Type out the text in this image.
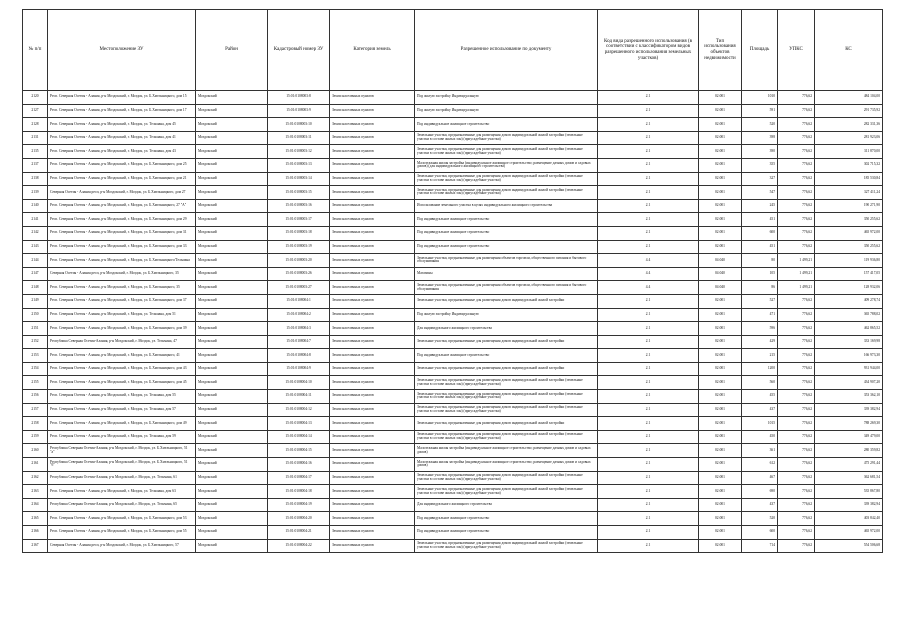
№ п/п	Местоположение ЗУ	Район	Кадастровый номер ЗУ	Категория земель	Разрешенное использование по документу	Код вида разрешенного использования (в соответствии с классификатором видов разрешенного использования земельных участков)	Тип использования объектов недвижимости	Площадь	УПКС	КС
2120	Респ. Северная Осетия - Алания, р-н Моздокский, г. Моздок, ул. Б.Хмельницкого, дом 15	Моздокский	15:01:0108003:8	Земли населенных пунктов	Под жилую застройку Индивидуальную	2.1	02:001	1010	776,62	484 104,00
2127	Респ. Северная Осетия - Алания, р-н Моздокский, г. Моздок, ул. Б.Хмельницкого, дом 17	Моздокский	15:01:0108003:9	Земли населенных пунктов	Под жилую застройку Индивидуальную	2.1	02:001	591	776,62	291 735,92
2128	Респ. Северная Осетия - Алания, р-н Моздокский, г. Моздок, ул. Тельмана, дом 45	Моздокский	15:01:0108003:10	Земли населенных пунктов	Под индивидуальное жилищное строительство	2.1	02:001	520	776,62	282 331,36
2131	Респ. Северная Осетия - Алания, р-н Моздокский, г. Моздок, ул. Тельмана, дом 41	Моздокский	15:01:0108003:11	Земли населенных пунктов	Земельные участки, предназначенные для размещения домов индивидуальной жилой застройки (земельные участки в составе жилых зон) (приусадебные участки)	2.1	02:001	398	776,62	281 923,06
2135	Респ. Северная Осетия - Алания, р-н Моздокский, г. Моздок, ул. Тельмана, дом 43	Моздокский	15:01:0108003:12	Земли населенных пунктов	Земельные участки, предназначенные для размещения домов индивидуальной жилой застройки (земельные участки в составе жилых зон) (приусадебные участки)	2.1	02:001	390	776,62	311 870,00
2137	Респ. Северная Осетия - Алания, р-н Моздокский, г. Моздок, ул. Б.Хмельницкого, дом 25	Моздокский	15:01:0108003:13	Земли населенных пунктов	Малоэтажная жилая застройка (индивидуальное жилищное строительство; размещение дачных домов и садовых домов) (для индивидуального жилищного строительства)	2.1	02:001	355	776,62	302 715,32
2138	Респ. Северная Осетия - Алания, р-н Моздокский, г. Моздок, ул. Б.Хмельницкого, дом 21	Моздокский	15:01:0108003:14	Земли населенных пунктов	Земельные участки, предназначенные для размещения домов индивидуальной жилой застройки (земельные участки в составе жилых зон) (приусадебные участки)	2.1	02:001	327	776,62	185 530,84
2139	Северная Осетия - Алания респ, р-н Моздокский, г. Моздок, ул. Б.Хмельницкого, дом 27	Моздокский	15:01:0108003:15	Земли населенных пунктов	Земельные участки, предназначенные для размещения домов индивидуальной жилой застройки (земельные участки в составе жилых зон) (приусадебные участки)	2.1	02:001	547	776,62	327 411,24
2140	Респ. Северная Осетия - Алания, р-н Моздокский, г. Моздок, ул. Б.Хмельницкого, 27 "А"	Моздокский	15:01:0108003:16	Земли населенных пунктов	Использование земельного участка в целях индивидуального жилищного строительства	2.1	02:001	245	776,62	190 271,90
2141	Респ. Северная Осетия - Алания, р-н Моздокский, г. Моздок, ул. Б.Хмельницкого, дом 29	Моздокский	15:01:0108003:17	Земли населенных пунктов	Под индивидуальное жилищное строительство	2.1	02:001	451	776,62	350 255,62
2142	Респ. Северная Осетия - Алания, р-н Моздокский, г. Моздок, ул. Б.Хмельницкого, дом 31	Моздокский	15:01:0108003:18	Земли населенных пунктов	Под индивидуальное жилищное строительство	2.1	02:001	600	776,62	465 972,00
2143	Респ. Северная Осетия - Алания, р-н Моздокский, г. Моздок, ул. Б.Хмельницкого, дом 33	Моздокский	15:01:0108003:19	Земли населенных пунктов	Под индивидуальное жилищное строительство	2.1	02:001	451	776,62	350 255,62
2144	Респ. Северная Осетия - Алания, р-н Моздокский, г. Моздок, ул. Б.Хмельницкого/Тельмана	Моздокский	15:01:0108003:20	Земли населенных пунктов	Земельные участки, предназначенные для размещения объектов торговли, общественного питания и бытового обслуживания	4.4	04:040	80	1 499,21	119 936,80
2147	Северная Осетия - Алания респ, р-н Моздокский, г. Моздок, ул. Б.Хмельницкого, 35	Моздокский	15:01:0108003:26	Земли населенных пунктов	Магазины	4.4	04:040	105	1 499,21	157 417,05
2148	Респ. Северная Осетия - Алания, р-н Моздокский, г. Моздок, ул. Б.Хмельницкого, 35	Моздокский	15:01:0108003:27	Земли населенных пунктов	Земельные участки, предназначенные для размещения объектов торговли, общественного питания и бытового обслуживания	4.4	04:040	86	1 499,21	128 932,06
2149	Респ. Северная Осетия - Алания, р-н Моздокский, г. Моздок, ул. Б.Хмельницкого, дом 37	Моздокский	15:01:0108004:1	Земли населенных пунктов	Земельные участки, предназначенные для размещения домов индивидуальной жилой застройки	2.1	02:001	527	776,62	409 278,74
2150	Респ. Северная Осетия - Алания, р-н Моздокский, г. Моздок, ул. Тельмана, дом 51	Моздокский	15:01:0108004:2	Земли населенных пунктов	Под жилую застройку Индивидуальную	2.1	02:001	471	776,62	365 788,02
2151	Респ. Северная Осетия - Алания, р-н Моздокский, г. Моздок, ул. Б.Хмельницкого, дом 39	Моздокский	15:01:0108004:3	Земли населенных пунктов	Для индивидуального жилищного строительства	2.1	02:001	596	776,62	462 865,52
2152	Республика Северная Осетия-Алания, р-н Моздокский, г. Моздок, ул. Тельмана, 47	Моздокский	15:01:0108004:7	Земли населенных пунктов	Земельные участки, предназначенные для размещения домов индивидуальной жилой застройки	2.1	02:001	429	776,62	333 169,98
2153	Респ. Северная Осетия - Алания, р-н Моздокский, г. Моздок, ул. Б.Хмельницкого, 41	Моздокский	15:01:0108004:8	Земли населенных пунктов	Под индивидуальное жилищное строительство	2.1	02:001	215	776,62	166 973,30
2154	Респ. Северная Осетия - Алания, р-н Моздокский, г. Моздок, ул. Б.Хмельницкого, дом 43	Моздокский	15:01:0108004:9	Земли населенных пунктов	Земельные участки, предназначенные для размещения домов индивидуальной жилой застройки	2.1	02:001	1200	776,62	931 944,00
2155	Респ. Северная Осетия - Алания, р-н Моздокский, г. Моздок, ул. Б.Хмельницкого, дом 45	Моздокский	15:01:0108004:10	Земли населенных пунктов	Земельные участки, предназначенные для размещения домов индивидуальной жилой застройки (земельные участки в составе жилых зон) (приусадебные участки)	2.1	02:001	560	776,62	434 907,20
2156	Респ. Северная Осетия - Алания, р-н Моздокский, г. Моздок, ул. Тельмана, дом 55	Моздокский	15:01:0108004:11	Земли населенных пунктов	Земельные участки, предназначенные для размещения домов индивидуальной жилой застройки (земельные участки в составе жилых зон) (приусадебные участки)	2.1	02:001	455	776,62	353 362,10
2157	Респ. Северная Осетия - Алания, р-н Моздокский, г. Моздок, ул. Тельмана, дом 57	Моздокский	15:01:0108004:12	Земли населенных пунктов	Земельные участки, предназначенные для размещения домов индивидуальной жилой застройки (земельные участки в составе жилых зон) (приусадебные участки)	2.1	02:001	437	776,62	339 382,94
2158	Респ. Северная Осетия - Алания, р-н Моздокский, г. Моздок, ул. Б.Хмельницкого, дом 49	Моздокский	15:01:0108004:13	Земли населенных пунктов	Земельные участки, предназначенные для размещения домов индивидуальной жилой застройки	2.1	02:001	1015	776,62	788 269,30
2159	Респ. Северная Осетия - Алания, р-н Моздокский, г. Моздок, ул. Тельмана, дом 59	Моздокский	15:01:0108004:14	Земли населенных пунктов	Земельные участки, предназначенные для размещения домов индивидуальной жилой застройки (земельные участки в составе жилых зон) (приусадебные участки)	2.1	02:001	450	776,62	349 479,00
2160	Республика Северная Осетия-Алания, р-н Моздокский, г. Моздок, ул. Б.Хмельницкого, 51 "а"	Моздокский	15:01:0108004:15	Земли населенных пунктов	Малоэтажная жилая застройка (индивидуальное жилищное строительство; размещение дачных домов и садовых домов)	2.1	02:001	361	776,62	280 359,82
2161	Республика Северная Осетия-Алания, р-н Моздокский, г. Моздок, ул. Б.Хмельницкого, 51 "б"	Моздокский	15:01:0108004:16	Земли населенных пунктов	Малоэтажная жилая застройка (индивидуальное жилищное строительство; размещение дачных домов и садовых домов)	2.1	02:001	612	776,62	475 291,44
2162	Республика Северная Осетия-Алания, р-н Моздокский, г. Моздок, ул. Тельмана, 61	Моздокский	15:01:0108004:17	Земли населенных пунктов	Земельные участки, предназначенные для размещения домов индивидуальной жилой застройки (земельные участки в составе жилых зон) (приусадебные участки)	2.1	02:001	467	776,62	362 681,54
2163	Респ. Северная Осетия - Алания, р-н Моздокский, г. Моздок, ул. Тельмана, дом 63	Моздокский	15:01:0108004:18	Земли населенных пунктов	Земельные участки, предназначенные для размещения домов индивидуальной жилой застройки (земельные участки в составе жилых зон) (приусадебные участки)	2.1	02:001	690	776,62	535 867,80
2164	Республика Северная Осетия-Алания, р-н Моздокский, г. Моздок, ул. Тельмана, 65	Моздокский	15:01:0108004:19	Земли населенных пунктов	Для индивидуального жилищного строительства	2.1	02:001	437	776,62	339 382,94
2165	Респ. Северная Осетия - Алания, р-н Моздокский, г. Моздок, ул. Б.Хмельницкого, дом 53	Моздокский	15:01:0108004:20	Земли населенных пунктов	Под индивидуальное жилищное строительство	2.1	02:001	520	776,62	403 842,40
2166	Респ. Северная Осетия - Алания, р-н Моздокский, г. Моздок, ул. Б.Хмельницкого, дом 55	Моздокский	15:01:0108004:21	Земли населенных пунктов	Под индивидуальное жилищное строительство	2.1	02:001	600	776,62	465 972,00
2167	Северная Осетия - Алания респ, р-н Моздокский, г. Моздок, ул. Б.Хмельницкого, 57	Моздокский	15:01:0108004:22	Земли населенных пунктов	Земельные участки, предназначенные для размещения домов индивидуальной жилой застройки (земельные участки в составе жилых зон) (приусадебные участки)	2.1	02:001	714	776,62	554 506,68
